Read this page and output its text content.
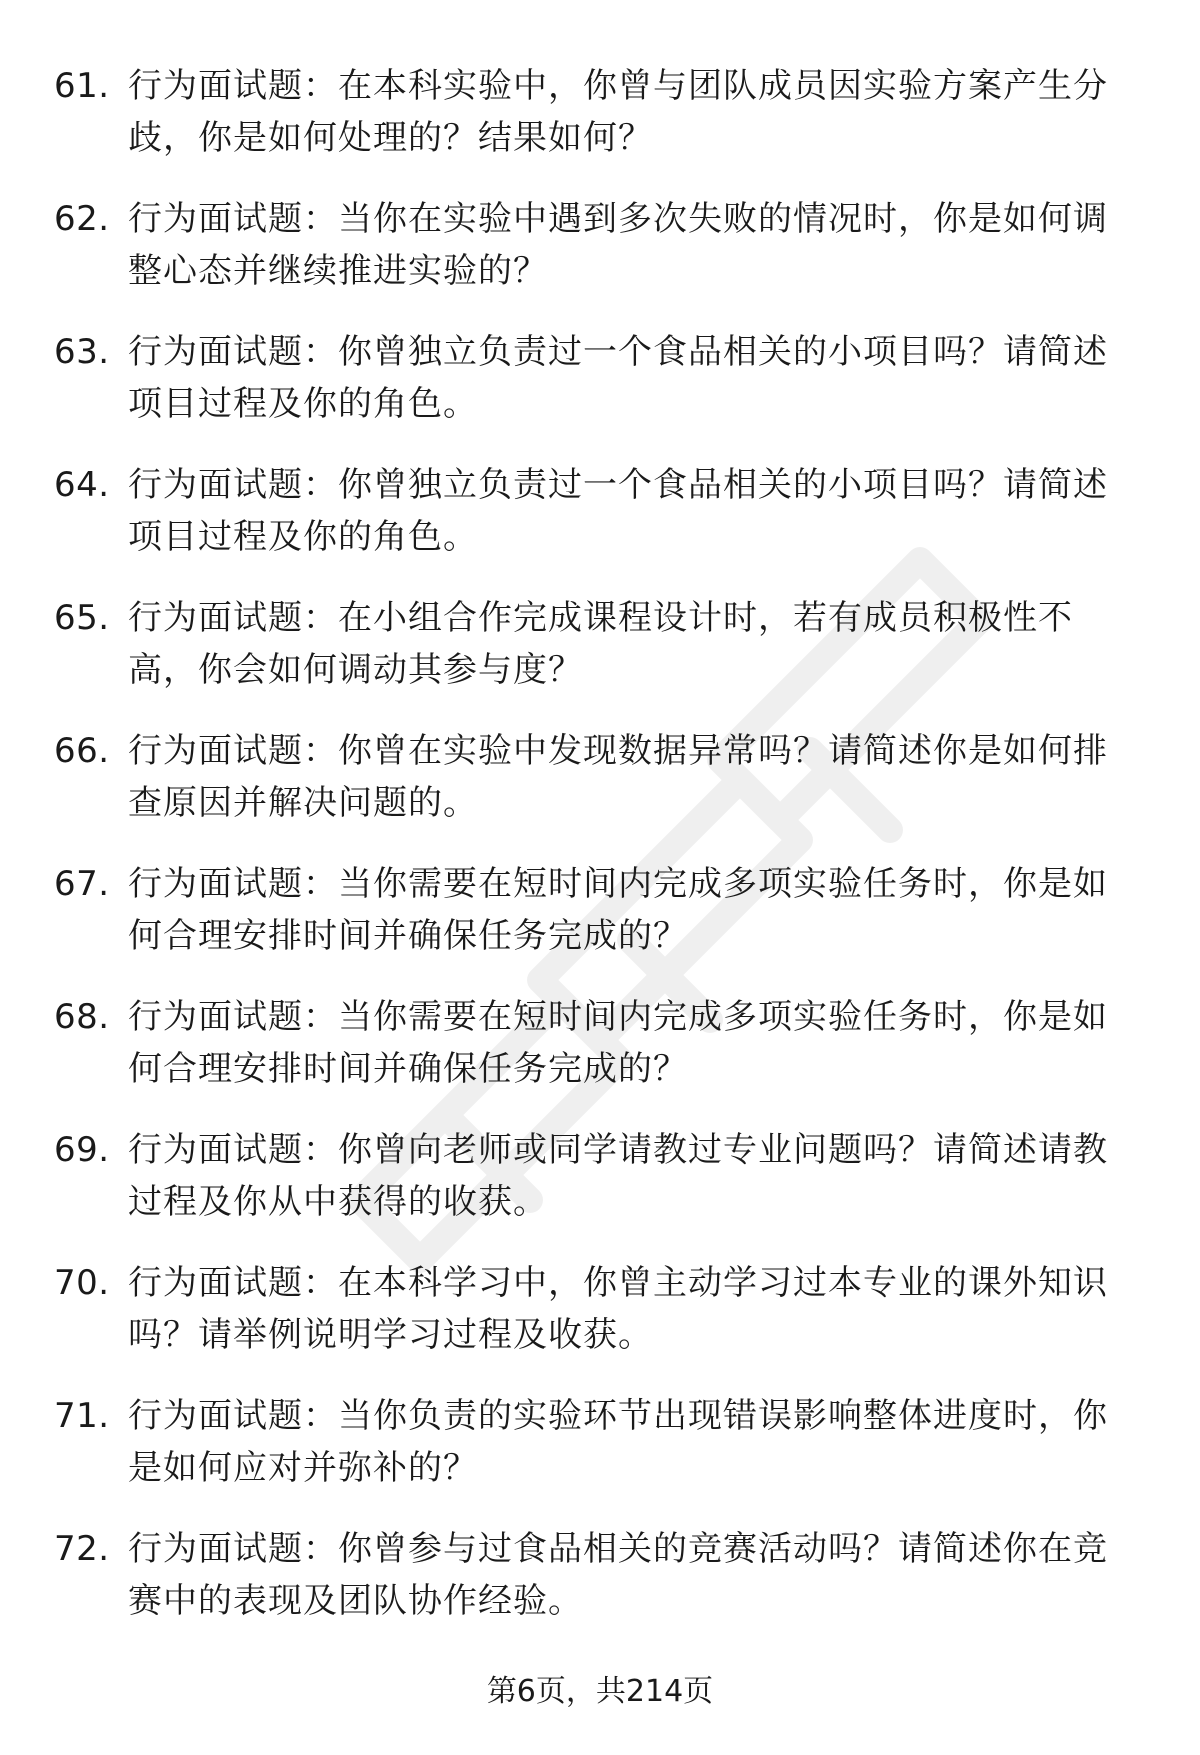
61. 行为面试题：在本科实验中，你曾与团队成员因实验方案产生分歧，你是如何处理的？结果如何？
62. 行为面试题：当你在实验中遇到多次失败的情况时，你是如何调整心态并继续推进实验的？
63. 行为面试题：你曾独立负责过一个食品相关的小项目吗？请简述项目过程及你的角色。
64. 行为面试题：你曾独立负责过一个食品相关的小项目吗？请简述项目过程及你的角色。
65. 行为面试题：在小组合作完成课程设计时，若有成员积极性不高，你会如何调动其参与度？
66. 行为面试题：你曾在实验中发现数据异常吗？请简述你是如何排查原因并解决问题的。
67. 行为面试题：当你需要在短时间内完成多项实验任务时，你是如何合理安排时间并确保任务完成的？
68. 行为面试题：当你需要在短时间内完成多项实验任务时，你是如何合理安排时间并确保任务完成的？
69. 行为面试题：你曾向老师或同学请教过专业问题吗？请简述请教过程及你从中获得的收获。
70. 行为面试题：在本科学习中，你曾主动学习过本专业的课外知识吗？请举例说明学习过程及收获。
71. 行为面试题：当你负责的实验环节出现错误影响整体进度时，你是如何应对并弥补的？
72. 行为面试题：你曾参与过食品相关的竞赛活动吗？请简述你在竞赛中的表现及团队协作经验。
第6页，共214页
